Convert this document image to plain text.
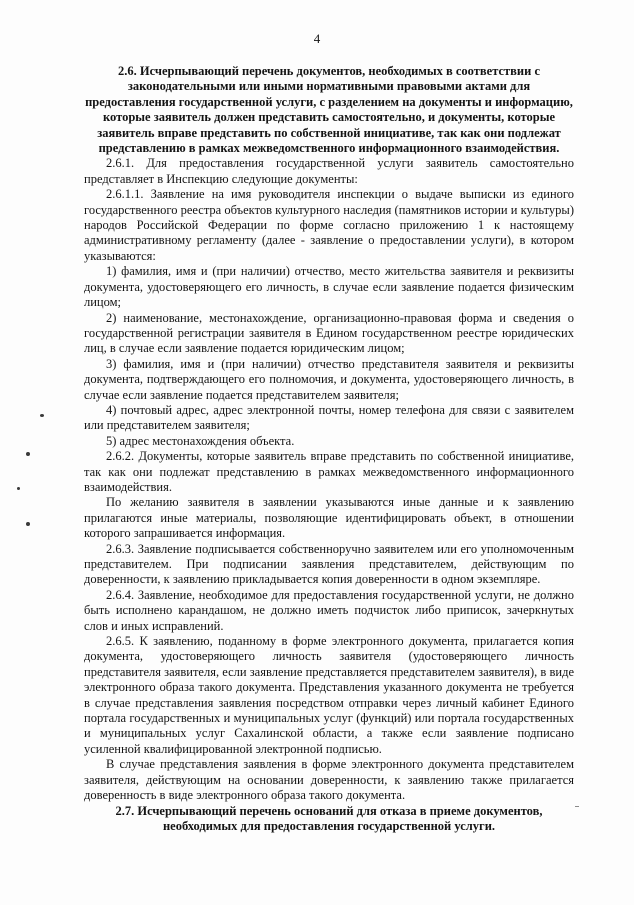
4

2.6. Исчерпывающий перечень документов, необходимых в соответствии с законодательными или иными нормативными правовыми актами для предоставления государственной услуги, с разделением на документы и информацию, которые заявитель должен представить самостоятельно, и документы, которые заявитель вправе представить по собственной инициативе, так как они подлежат представлению в рамках межведомственного информационного взаимодействия.

2.6.1. Для предоставления государственной услуги заявитель самостоятельно представляет в Инспекцию следующие документы:

2.6.1.1. Заявление на имя руководителя инспекции о выдаче выписки из единого государственного реестра объектов культурного наследия (памятников истории и культуры) народов Российской Федерации по форме согласно приложению 1 к настоящему административному регламенту (далее - заявление о предоставлении услуги), в котором указываются:

1) фамилия, имя и (при наличии) отчество, место жительства заявителя и реквизиты документа, удостоверяющего его личность, в случае если заявление подается физическим лицом;

2) наименование, местонахождение, организационно-правовая форма и сведения о государственной регистрации заявителя в Едином государственном реестре юридических лиц, в случае если заявление подается юридическим лицом;

3) фамилия, имя и (при наличии) отчество представителя заявителя и реквизиты документа, подтверждающего его полномочия, и документа, удостоверяющего личность, в случае если заявление подается представителем заявителя;

4) почтовый адрес, адрес электронной почты, номер телефона для связи с заявителем или представителем заявителя;

5) адрес местонахождения объекта.

2.6.2. Документы, которые заявитель вправе представить по собственной инициативе, так как они подлежат представлению в рамках межведомственного информационного взаимодействия.

По желанию заявителя в заявлении указываются иные данные и к заявлению прилагаются иные материалы, позволяющие идентифицировать объект, в отношении которого запрашивается информация.

2.6.3. Заявление подписывается собственноручно заявителем или его уполномоченным представителем. При подписании заявления представителем, действующим по доверенности, к заявлению прикладывается копия доверенности в одном экземпляре.

2.6.4. Заявление, необходимое для предоставления государственной услуги, не должно быть исполнено карандашом, не должно иметь подчисток либо приписок, зачеркнутых слов и иных исправлений.

2.6.5. К заявлению, поданному в форме электронного документа, прилагается копия документа, удостоверяющего личность заявителя (удостоверяющего личность представителя заявителя, если заявление представляется представителем заявителя), в виде электронного образа такого документа. Представления указанного документа не требуется в случае представления заявления посредством отправки через личный кабинет Единого портала государственных и муниципальных услуг (функций) или портала государственных и муниципальных услуг Сахалинской области, а также если заявление подписано усиленной квалифицированной электронной подписью.

В случае представления заявления в форме электронного документа представителем заявителя, действующим на основании доверенности, к заявлению также прилагается доверенность в виде электронного образа такого документа.

2.7. Исчерпывающий перечень оснований для отказа в приеме документов, необходимых для предоставления государственной услуги.
